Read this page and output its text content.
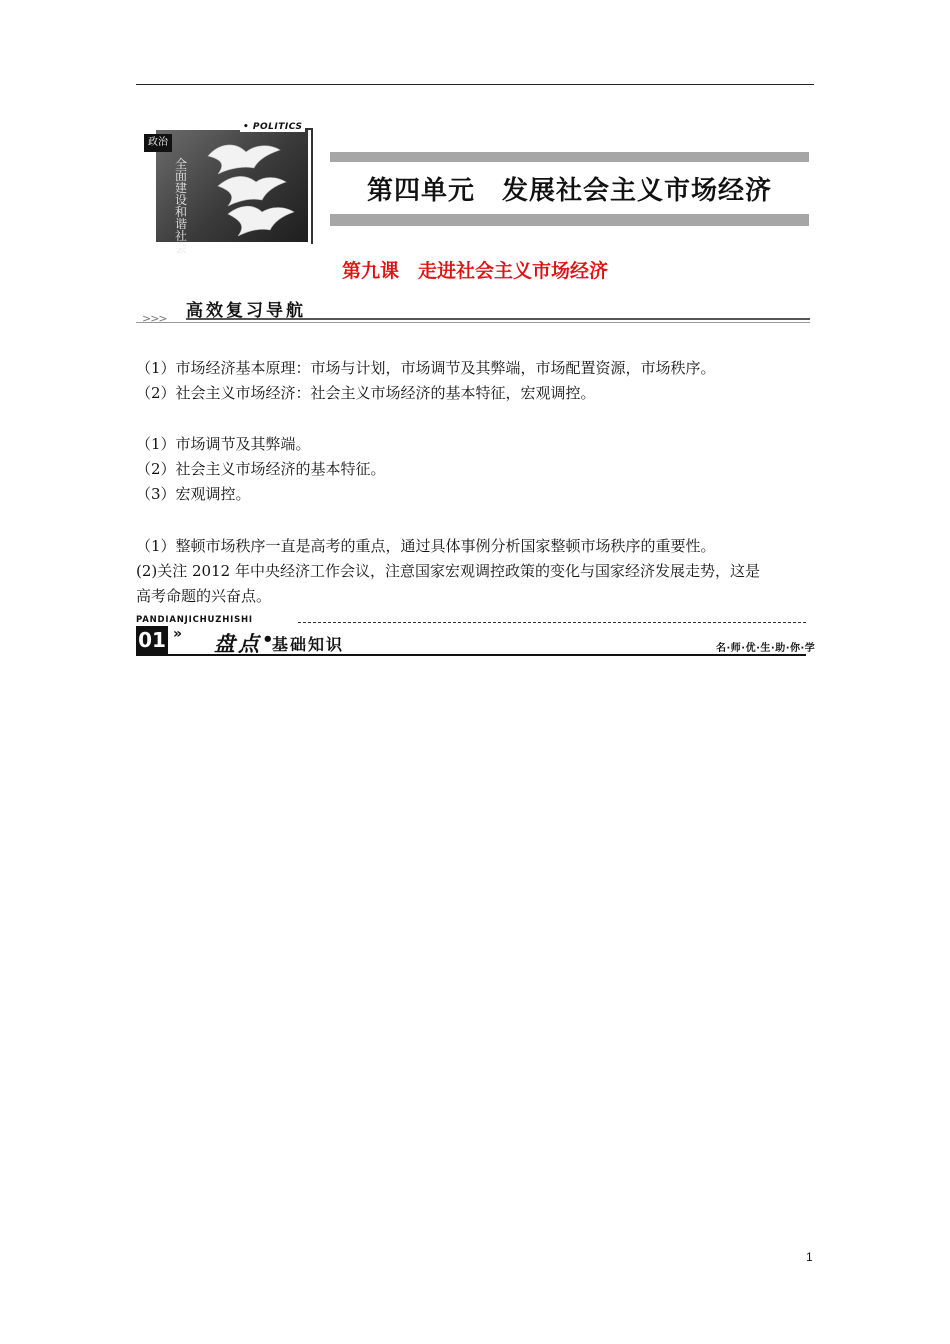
• POLITICS
政治
全面建设和谐社会
第四单元　发展社会主义市场经济
第九课　走进社会主义市场经济
>>> 高效复习导航
（1）市场经济基本原理：市场与计划，市场调节及其弊端，市场配置资源，市场秩序。
（2）社会主义市场经济：社会主义市场经济的基本特征，宏观调控。
（1）市场调节及其弊端。
（2）社会主义市场经济的基本特征。
（3）宏观调控。
（1）整顿市场秩序一直是高考的重点，通过具体事例分析国家整顿市场秩序的重要性。
(2)关注 2012 年中央经济工作会议，注意国家宏观调控政策的变化与国家经济发展走势，这是
高考命题的兴奋点。
PANDIANJICHUZHISHI
01 » 盘点 •
基础知识	名·师·优·生·助·你·学
1
